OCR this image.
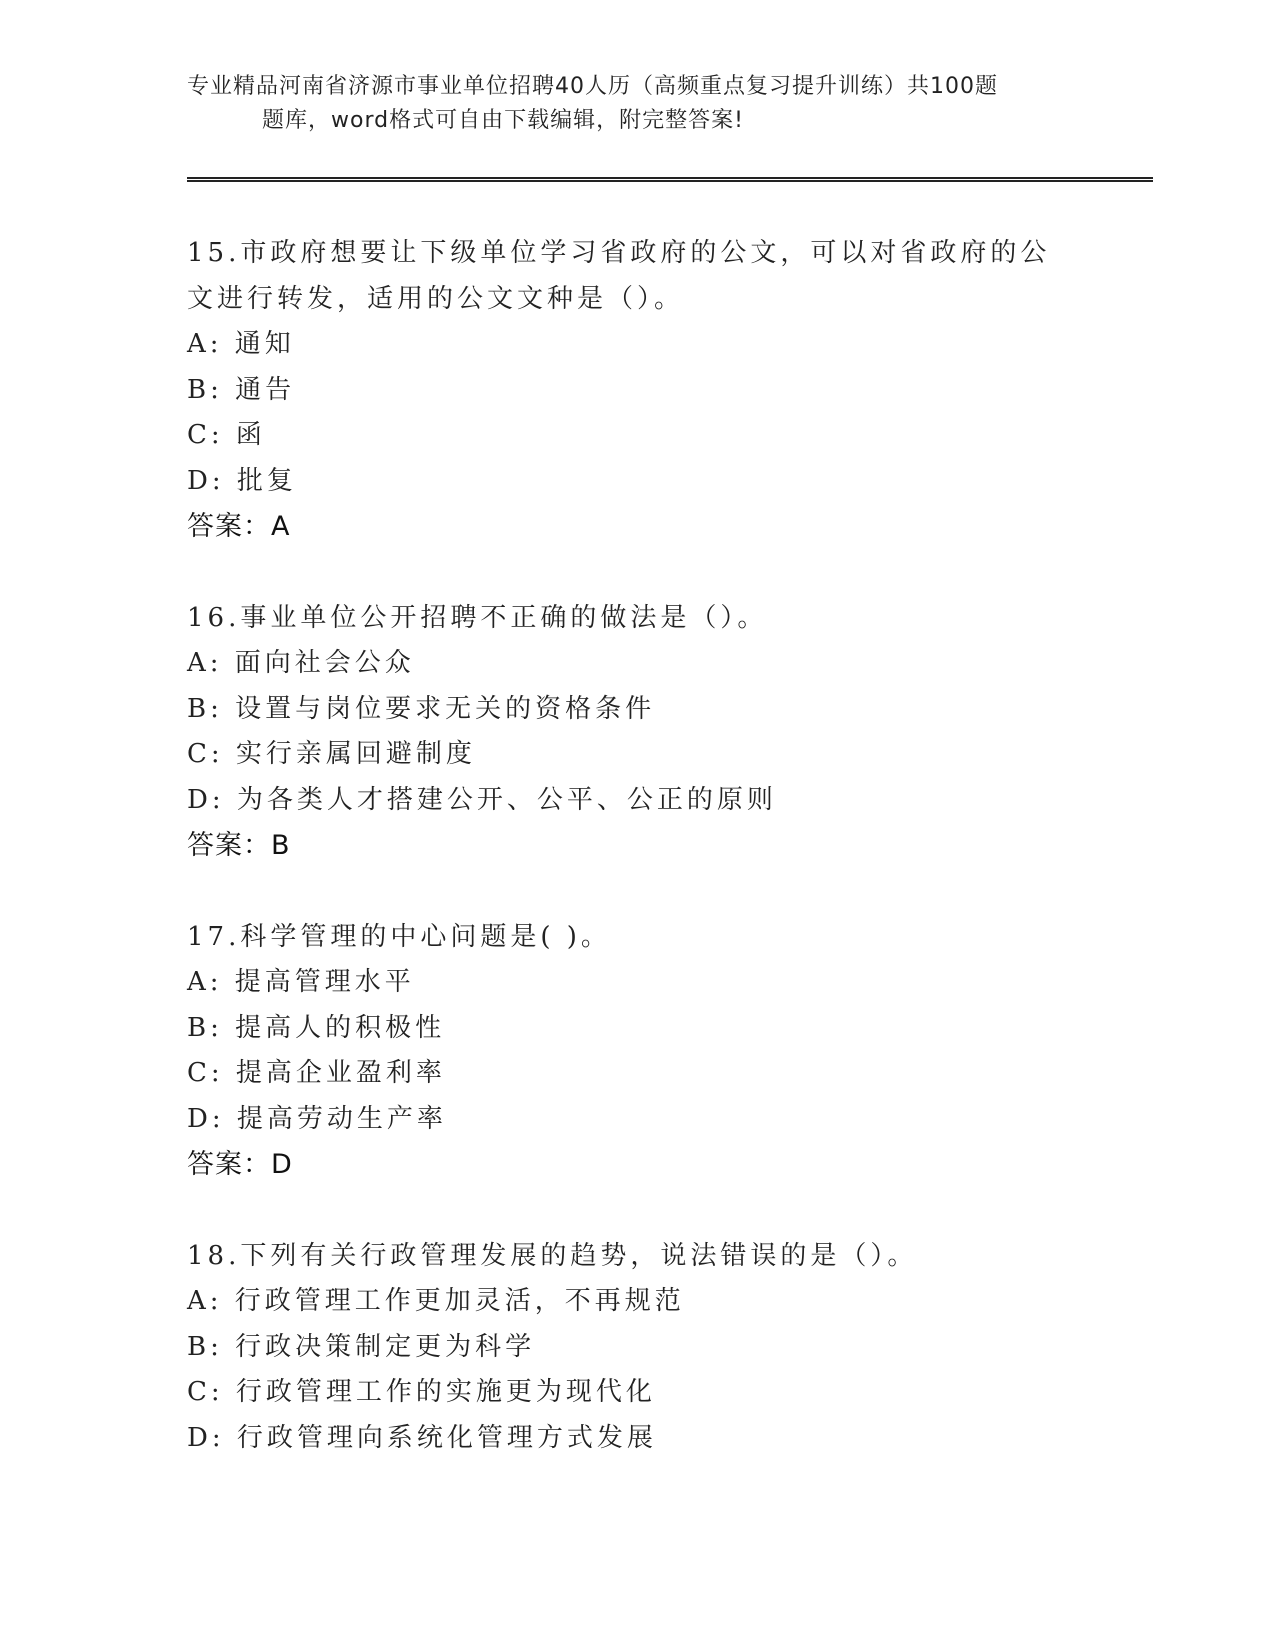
专业精品河南省济源市事业单位招聘40人历（高频重点复习提升训练）共100题
题库，word格式可自由下载编辑，附完整答案!
15.市政府想要让下级单位学习省政府的公文，可以对省政府的公文进行转发，适用的公文文种是（）。
A: 通知
B: 通告
C: 函
D: 批复
答案：A
16.事业单位公开招聘不正确的做法是（）。
A: 面向社会公众
B: 设置与岗位要求无关的资格条件
C: 实行亲属回避制度
D: 为各类人才搭建公开、公平、公正的原则
答案：B
17.科学管理的中心问题是( )。
A: 提高管理水平
B: 提高人的积极性
C: 提高企业盈利率
D: 提高劳动生产率
答案：D
18.下列有关行政管理发展的趋势，说法错误的是（）。
A: 行政管理工作更加灵活，不再规范
B: 行政决策制定更为科学
C: 行政管理工作的实施更为现代化
D: 行政管理向系统化管理方式发展
